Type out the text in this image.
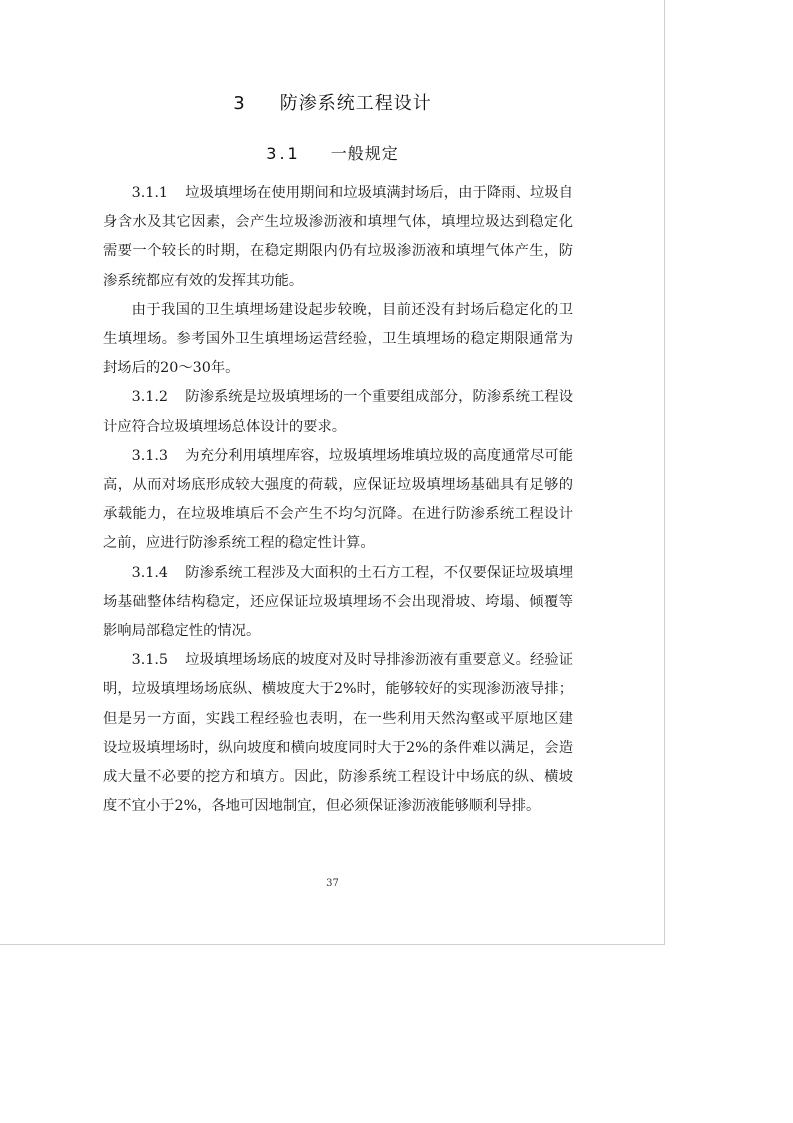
3 防渗系统工程设计
3.1 一般规定

3.1.1 垃圾填埋场在使用期间和垃圾填满封场后，由于降雨、垃圾自身含水及其它因素，会产生垃圾渗沥液和填埋气体，填埋垃圾达到稳定化需要一个较长的时期，在稳定期限内仍有垃圾渗沥液和填埋气体产生，防渗系统都应有效的发挥其功能。

由于我国的卫生填埋场建设起步较晚，目前还没有封场后稳定化的卫生填埋场。参考国外卫生填埋场运营经验，卫生填埋场的稳定期限通常为封场后的20～30年。

3.1.2 防渗系统是垃圾填埋场的一个重要组成部分，防渗系统工程设计应符合垃圾填埋场总体设计的要求。

3.1.3 为充分利用填埋库容，垃圾填埋场堆填垃圾的高度通常尽可能高，从而对场底形成较大强度的荷载，应保证垃圾填埋场基础具有足够的承载能力，在垃圾堆填后不会产生不均匀沉降。在进行防渗系统工程设计之前，应进行防渗系统工程的稳定性计算。

3.1.4 防渗系统工程涉及大面积的土石方工程，不仅要保证垃圾填埋场基础整体结构稳定，还应保证垃圾填埋场不会出现滑坡、垮塌、倾覆等影响局部稳定性的情况。

3.1.5 垃圾填埋场场底的坡度对及时导排渗沥液有重要意义。经验证明，垃圾填埋场场底纵、横坡度大于2%时，能够较好的实现渗沥液导排；但是另一方面，实践工程经验也表明，在一些利用天然沟壑或平原地区建设垃圾填埋场时，纵向坡度和横向坡度同时大于2%的条件难以满足，会造成大量不必要的挖方和填方。因此，防渗系统工程设计中场底的纵、横坡度不宜小于2%，各地可因地制宜，但必须保证渗沥液能够顺利导排。

37
